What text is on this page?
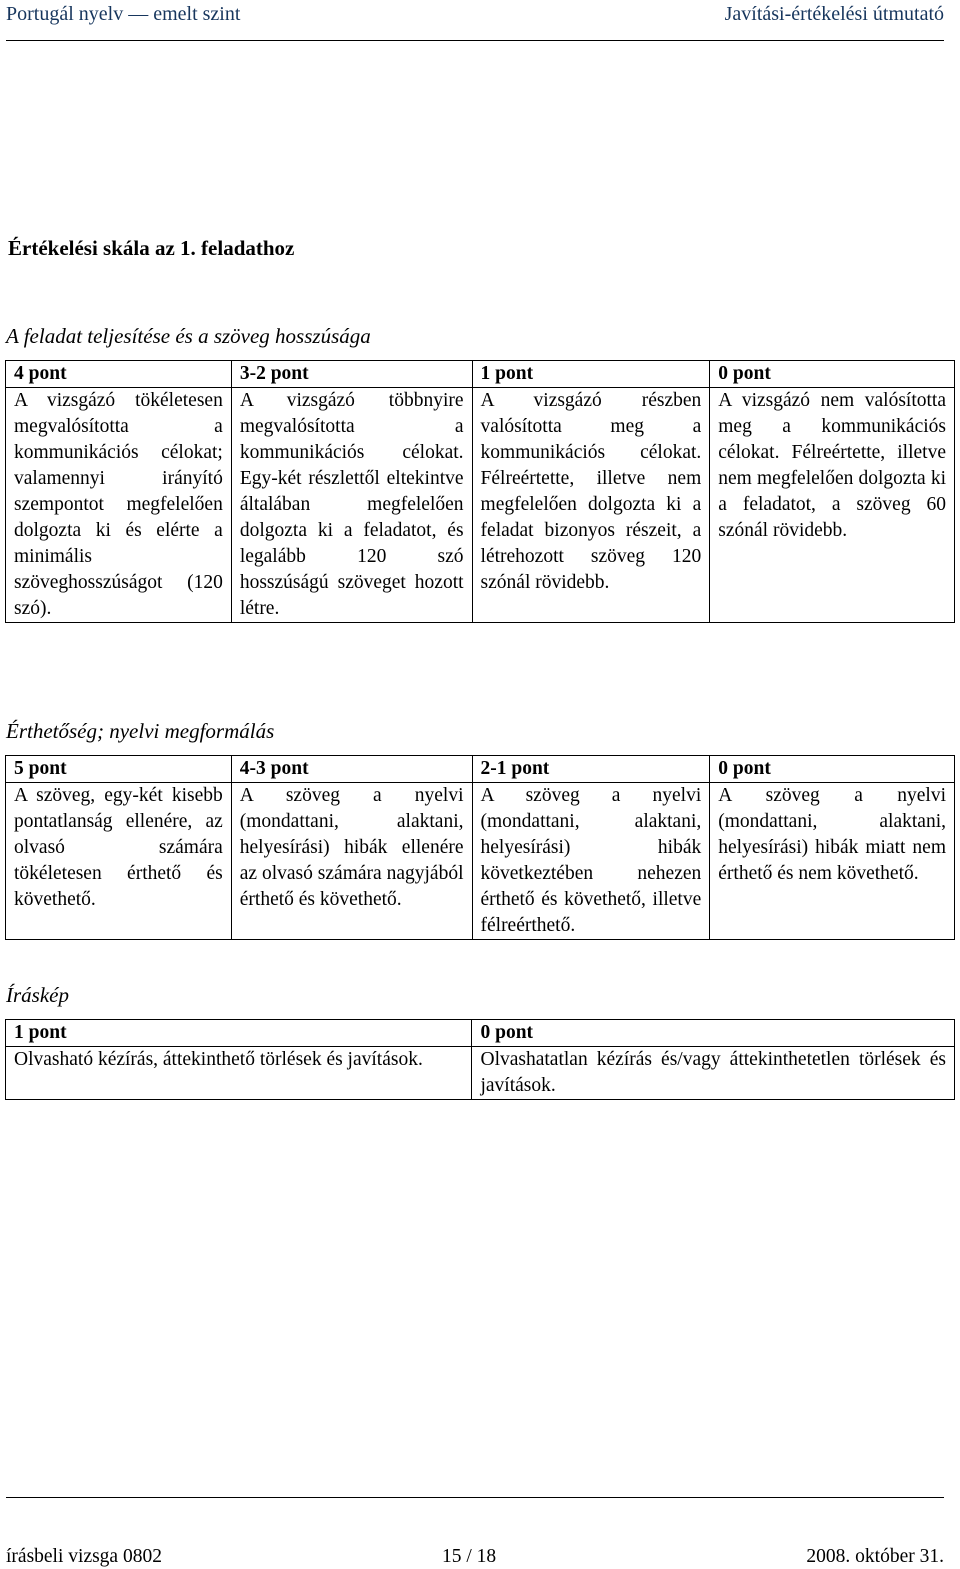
Portugál nyelv — emelt szint	Javítási-értékelési útmutató
Értékelési skála az 1. feladathoz
A feladat teljesítése és a szöveg hosszúsága
4 pont	3-2 pont	1 pont	0 pont
A vizsgázó tökéletesen megvalósította a kommunikációs célokat; valamennyi irányító szempontot megfelelően dolgozta ki és elérte a minimális szöveghosszúságot (120 szó).	A vizsgázó többnyire megvalósította a kommunikációs célokat. Egy-két részlettől eltekintve általában megfelelően dolgozta ki a feladatot, és legalább 120 szó hosszúságú szöveget hozott létre.	A vizsgázó részben valósította meg a kommunikációs célokat. Félreértette, illetve nem megfelelően dolgozta ki a feladat bizonyos részeit, a létrehozott szöveg 120 szónál rövidebb.	A vizsgázó nem valósította meg a kommunikációs célokat. Félreértette, illetve nem megfelelően dolgozta ki a feladatot, a szöveg 60 szónál rövidebb.
Érthetőség; nyelvi megformálás
5 pont	4-3 pont	2-1 pont	0 pont
A szöveg, egy-két kisebb pontatlanság ellenére, az olvasó számára tökéletesen érthető és követhető.	A szöveg a nyelvi (mondattani, alaktani, helyesírási) hibák ellenére az olvasó számára nagyjából érthető és követhető.	A szöveg a nyelvi (mondattani, alaktani, helyesírási) hibák következtében nehezen érthető és követhető, illetve félreérthető.	A szöveg a nyelvi (mondattani, alaktani, helyesírási) hibák miatt nem érthető és nem követhető.
Íráskép
1 pont	0 pont
Olvasható kézírás, áttekinthető törlések és javítások.	Olvashatatlan kézírás és/vagy áttekinthetetlen törlések és javítások.
írásbeli vizsga 0802	15 / 18	2008. október 31.
